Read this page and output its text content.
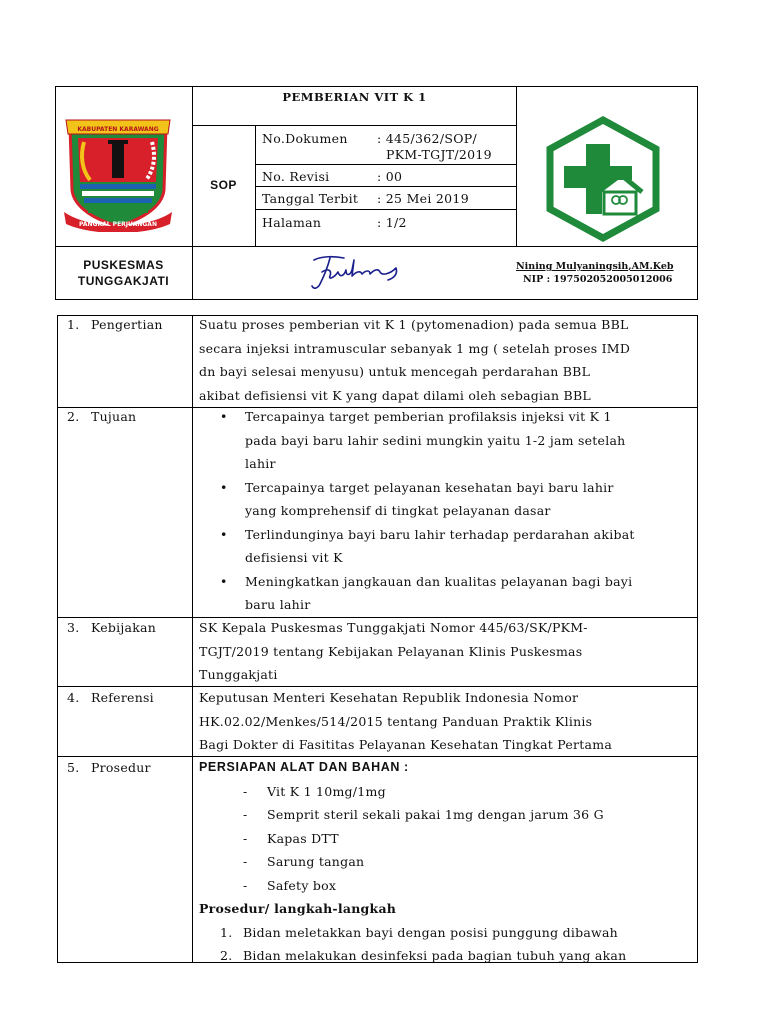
PEMBERIAN VIT K 1
SOP
No.Dokumen : 445/362/SOP/
PKM-TGJT/2019
No. Revisi	: 00
Tanggal Terbit : 25 Mei 2019
Halaman	: 1/2
PUSKESMAS
TUNGGAKJATI
Nining Mulyaningsih,AM.Keb
NIP : 197502052005012006
KABUPATEN KARAWANG
PANGKAL PERJUANGAN
1. Pengertian	Suatu proses pemberian vit K 1 (pytomenadion) pada semua BBL
secara injeksi intramuscular sebanyak 1 mg ( setelah proses IMD
dn bayi selesai menyusu) untuk mencegah perdarahan BBL
akibat defisiensi vit K yang dapat dilami oleh sebagian BBL
2. Tujuan
•	Tercapainya target pemberian profilaksis injeksi vit K 1
pada bayi baru lahir sedini mungkin yaitu 1-2 jam setelah
lahir
• Tercapainya target pelayanan kesehatan bayi baru lahir
yang komprehensif di tingkat pelayanan dasar
• Terlindunginya bayi baru lahir terhadap perdarahan akibat
defisiensi vit K
• Meningkatkan jangkauan dan kualitas pelayanan bagi bayi
baru lahir
3. Kebijakan	SK Kepala Puskesmas Tunggakjati Nomor 445/63/SK/PKM-
TGJT/2019 tentang Kebijakan Pelayanan Klinis Puskesmas
Tunggakjati
4. Referensi	Keputusan Menteri Kesehatan Republik Indonesia Nomor
HK.02.02/Menkes/514/2015 tentang Panduan Praktik Klinis
Bagi Dokter di Fasititas Pelayanan Kesehatan Tingkat Pertama
5. Prosedur	PERSIAPAN ALAT DAN BAHAN :
- Vit K 1 10mg/1mg
- Semprit steril sekali pakai 1mg dengan jarum 36 G
- Kapas DTT
- Sarung tangan
- Safety box
Prosedur/ langkah-langkah
1. Bidan meletakkan bayi dengan posisi punggung dibawah
2. Bidan melakukan desinfeksi pada bagian tubuh yang akan
